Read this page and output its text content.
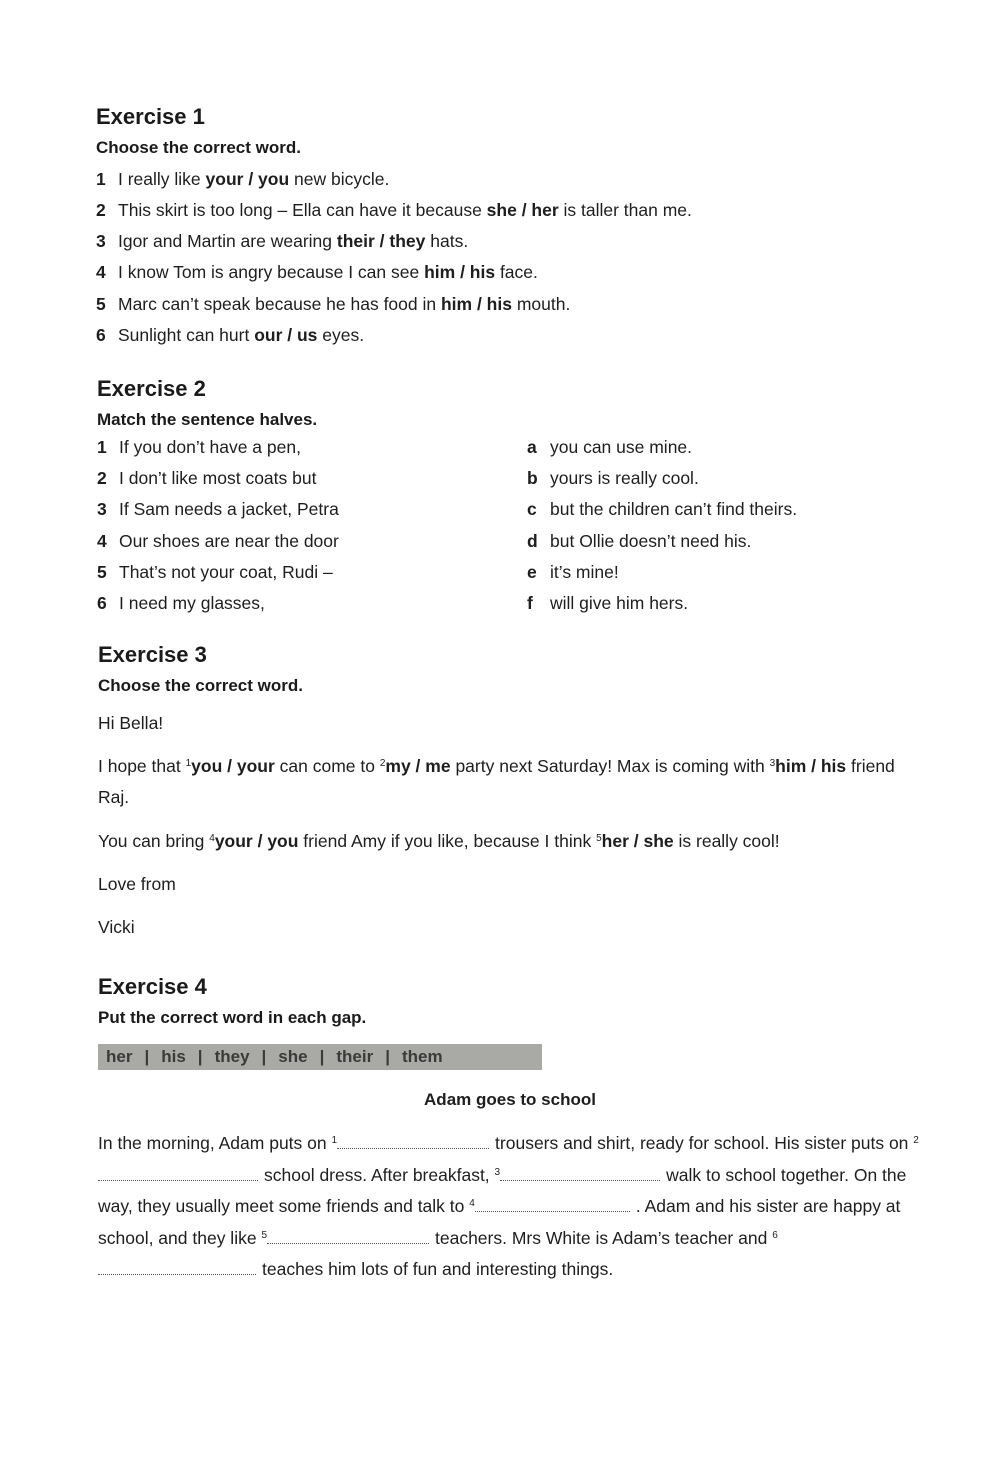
Exercise 1

Choose the correct word.

1 I really like your / you new bicycle.

2 This skirt is too long – Ella can have it because she / her is taller than me.

3 Igor and Martin are wearing their / they hats.

4 I know Tom is angry because I can see him / his face.

5 Marc can’t speak because he has food in him / his mouth.

6 Sunlight can hurt our / us eyes.

Exercise 2

Match the sentence halves.

1 If you don’t have a pen,

2 I don’t like most coats but

3 If Sam needs a jacket, Petra

4 Our shoes are near the door

5 That’s not your coat, Rudi –

6 I need my glasses,

a you can use mine.

b yours is really cool.

c but the children can’t find theirs.

d but Ollie doesn’t need his.

e it’s mine!

f will give him hers.

Exercise 3

Choose the correct word.

Hi Bella!

I hope that $^1$you / your can come to $^2$my / me party next Saturday! Max is coming with $^3$him / his friend Raj.

You can bring $^4$your / you friend Amy if you like, because I think $^5$her / she is really cool!

Love from

Vicki

Exercise 4

Put the correct word in each gap.

her | his | they | she | their | them

Adam goes to school

In the morning, Adam puts on $^1$	trousers and shirt, ready for school. His sister puts on $^2$school dress. After breakfast, $^3$	walk to school together. On the way, they usually meet some friends and talk to $^4$	. Adam and his sister are happy at school, and they like $^5$	teachers. Mrs White is Adam’s teacher and $^6$teaches him lots of fun and interesting things.
